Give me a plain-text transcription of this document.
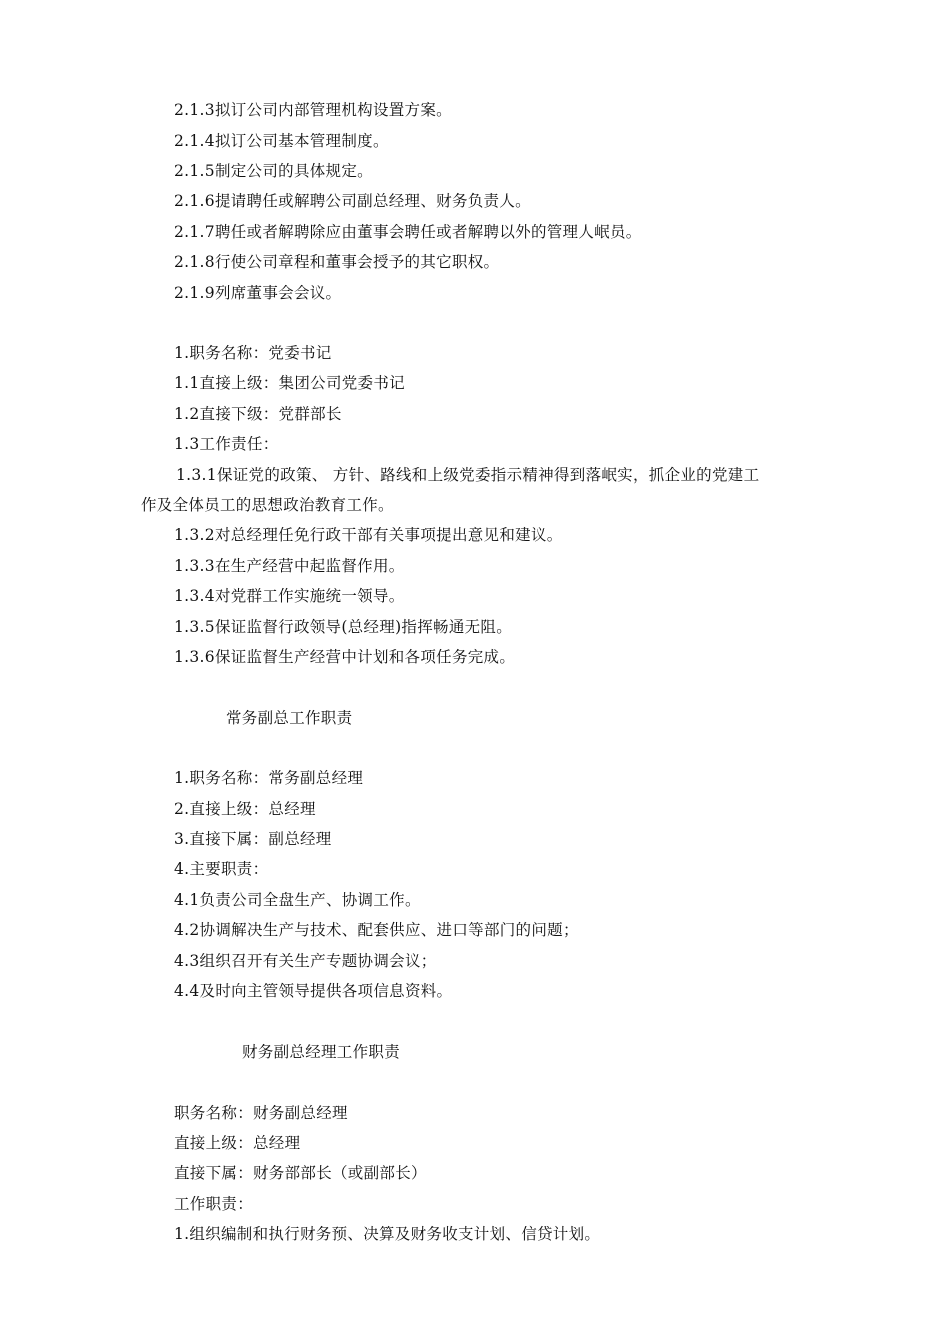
2.1.3拟订公司内部管理机构设置方案。
2.1.4拟订公司基本管理制度。
2.1.5制定公司的具体规定。
2.1.6提请聘任或解聘公司副总经理、财务负责人。
2.1.7聘任或者解聘除应由董事会聘任或者解聘以外的管理人岷员。
2.1.8行使公司章程和董事会授予的其它职权。
2.1.9列席董事会会议。
1.职务名称：党委书记
1.1直接上级：集团公司党委书记
1.2直接下级：党群部长
1.3工作责任：
1.3.1保证党的政策、 方针、路线和上级党委指示精神得到落岷实，抓企业的党建工
作及全体员工的思想政治教育工作。
1.3.2对总经理任免行政干部有关事项提出意见和建议。
1.3.3在生产经营中起监督作用。
1.3.4对党群工作实施统一领导。
1.3.5保证监督行政领导(总经理)指挥畅通无阻。
1.3.6保证监督生产经营中计划和各项任务完成。
常务副总工作职责
1.职务名称：常务副总经理
2.直接上级：总经理
3.直接下属：副总经理
4.主要职责：
4.1负责公司全盘生产、协调工作。
4.2协调解决生产与技术、配套供应、进口等部门的问题；
4.3组织召开有关生产专题协调会议；
4.4及时向主管领导提供各项信息资料。
财务副总经理工作职责
职务名称：财务副总经理
直接上级：总经理
直接下属：财务部部长（或副部长）
工作职责：
1.组织编制和执行财务预、决算及财务收支计划、信贷计划。
